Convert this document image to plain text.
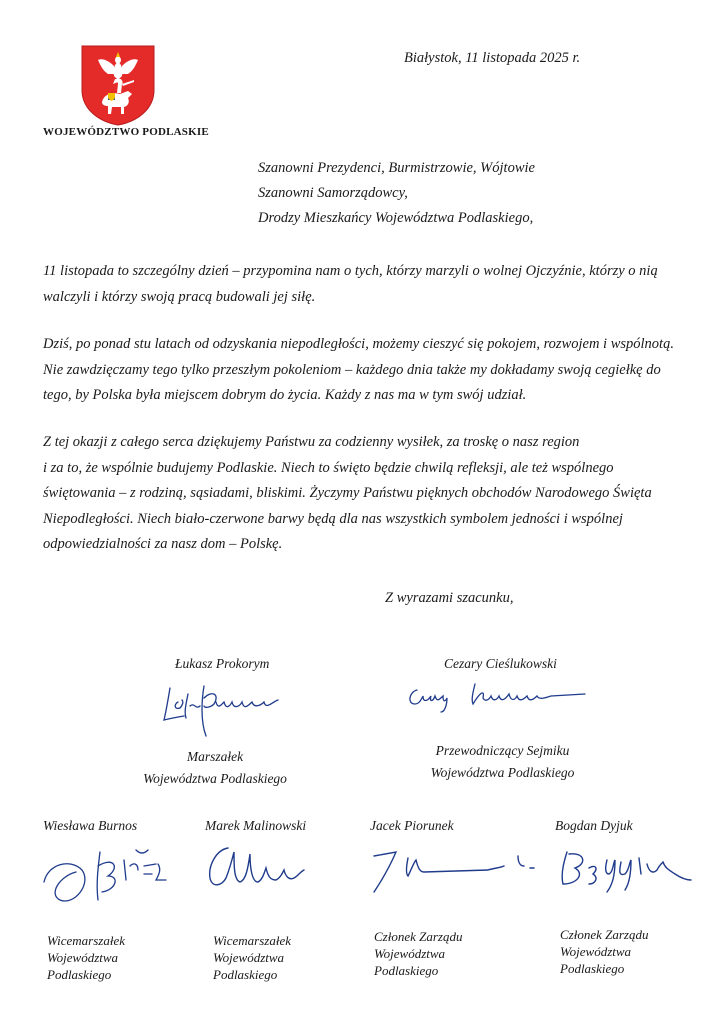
WOJEWÓDZTWO PODLASKIE
Białystok, 11 listopada 2025 r.
Szanowni Prezydenci, Burmistrzowie, Wójtowie
Szanowni Samorządowcy,
Drodzy Mieszkańcy Województwa Podlaskiego,
11 listopada to szczególny dzień – przypomina nam o tych, którzy marzyli o wolnej Ojczyźnie, którzy o nią
walczyli i którzy swoją pracą budowali jej siłę.
Dziś, po ponad stu latach od odzyskania niepodległości, możemy cieszyć się pokojem, rozwojem i wspólnotą.
Nie zawdzięczamy tego tylko przeszłym pokoleniom – każdego dnia także my dokładamy swoją cegiełkę do
tego, by Polska była miejscem dobrym do życia. Każdy z nas ma w tym swój udział.
Z tej okazji z całego serca dziękujemy Państwu za codzienny wysiłek, za troskę o nasz region
i za to, że wspólnie budujemy Podlaskie. Niech to święto będzie chwilą refleksji, ale też wspólnego
świętowania – z rodziną, sąsiadami, bliskimi. Życzymy Państwu pięknych obchodów Narodowego Święta
Niepodległości. Niech biało-czerwone barwy będą dla nas wszystkich symbolem jedności i wspólnej
odpowiedzialności za nasz dom – Polskę.
Z wyrazami szacunku,
Łukasz Prokorym
Marszałek
Województwa Podlaskiego
Cezary Cieślukowski
Przewodniczący Sejmiku
Województwa Podlaskiego
Wiesława Burnos
Wicemarszałek
Województwa
Podlaskiego
Marek Malinowski
Wicemarszałek
Województwa
Podlaskiego
Jacek Piorunek
Członek Zarządu
Województwa
Podlaskiego
Bogdan Dyjuk
Członek Zarządu
Województwa
Podlaskiego
